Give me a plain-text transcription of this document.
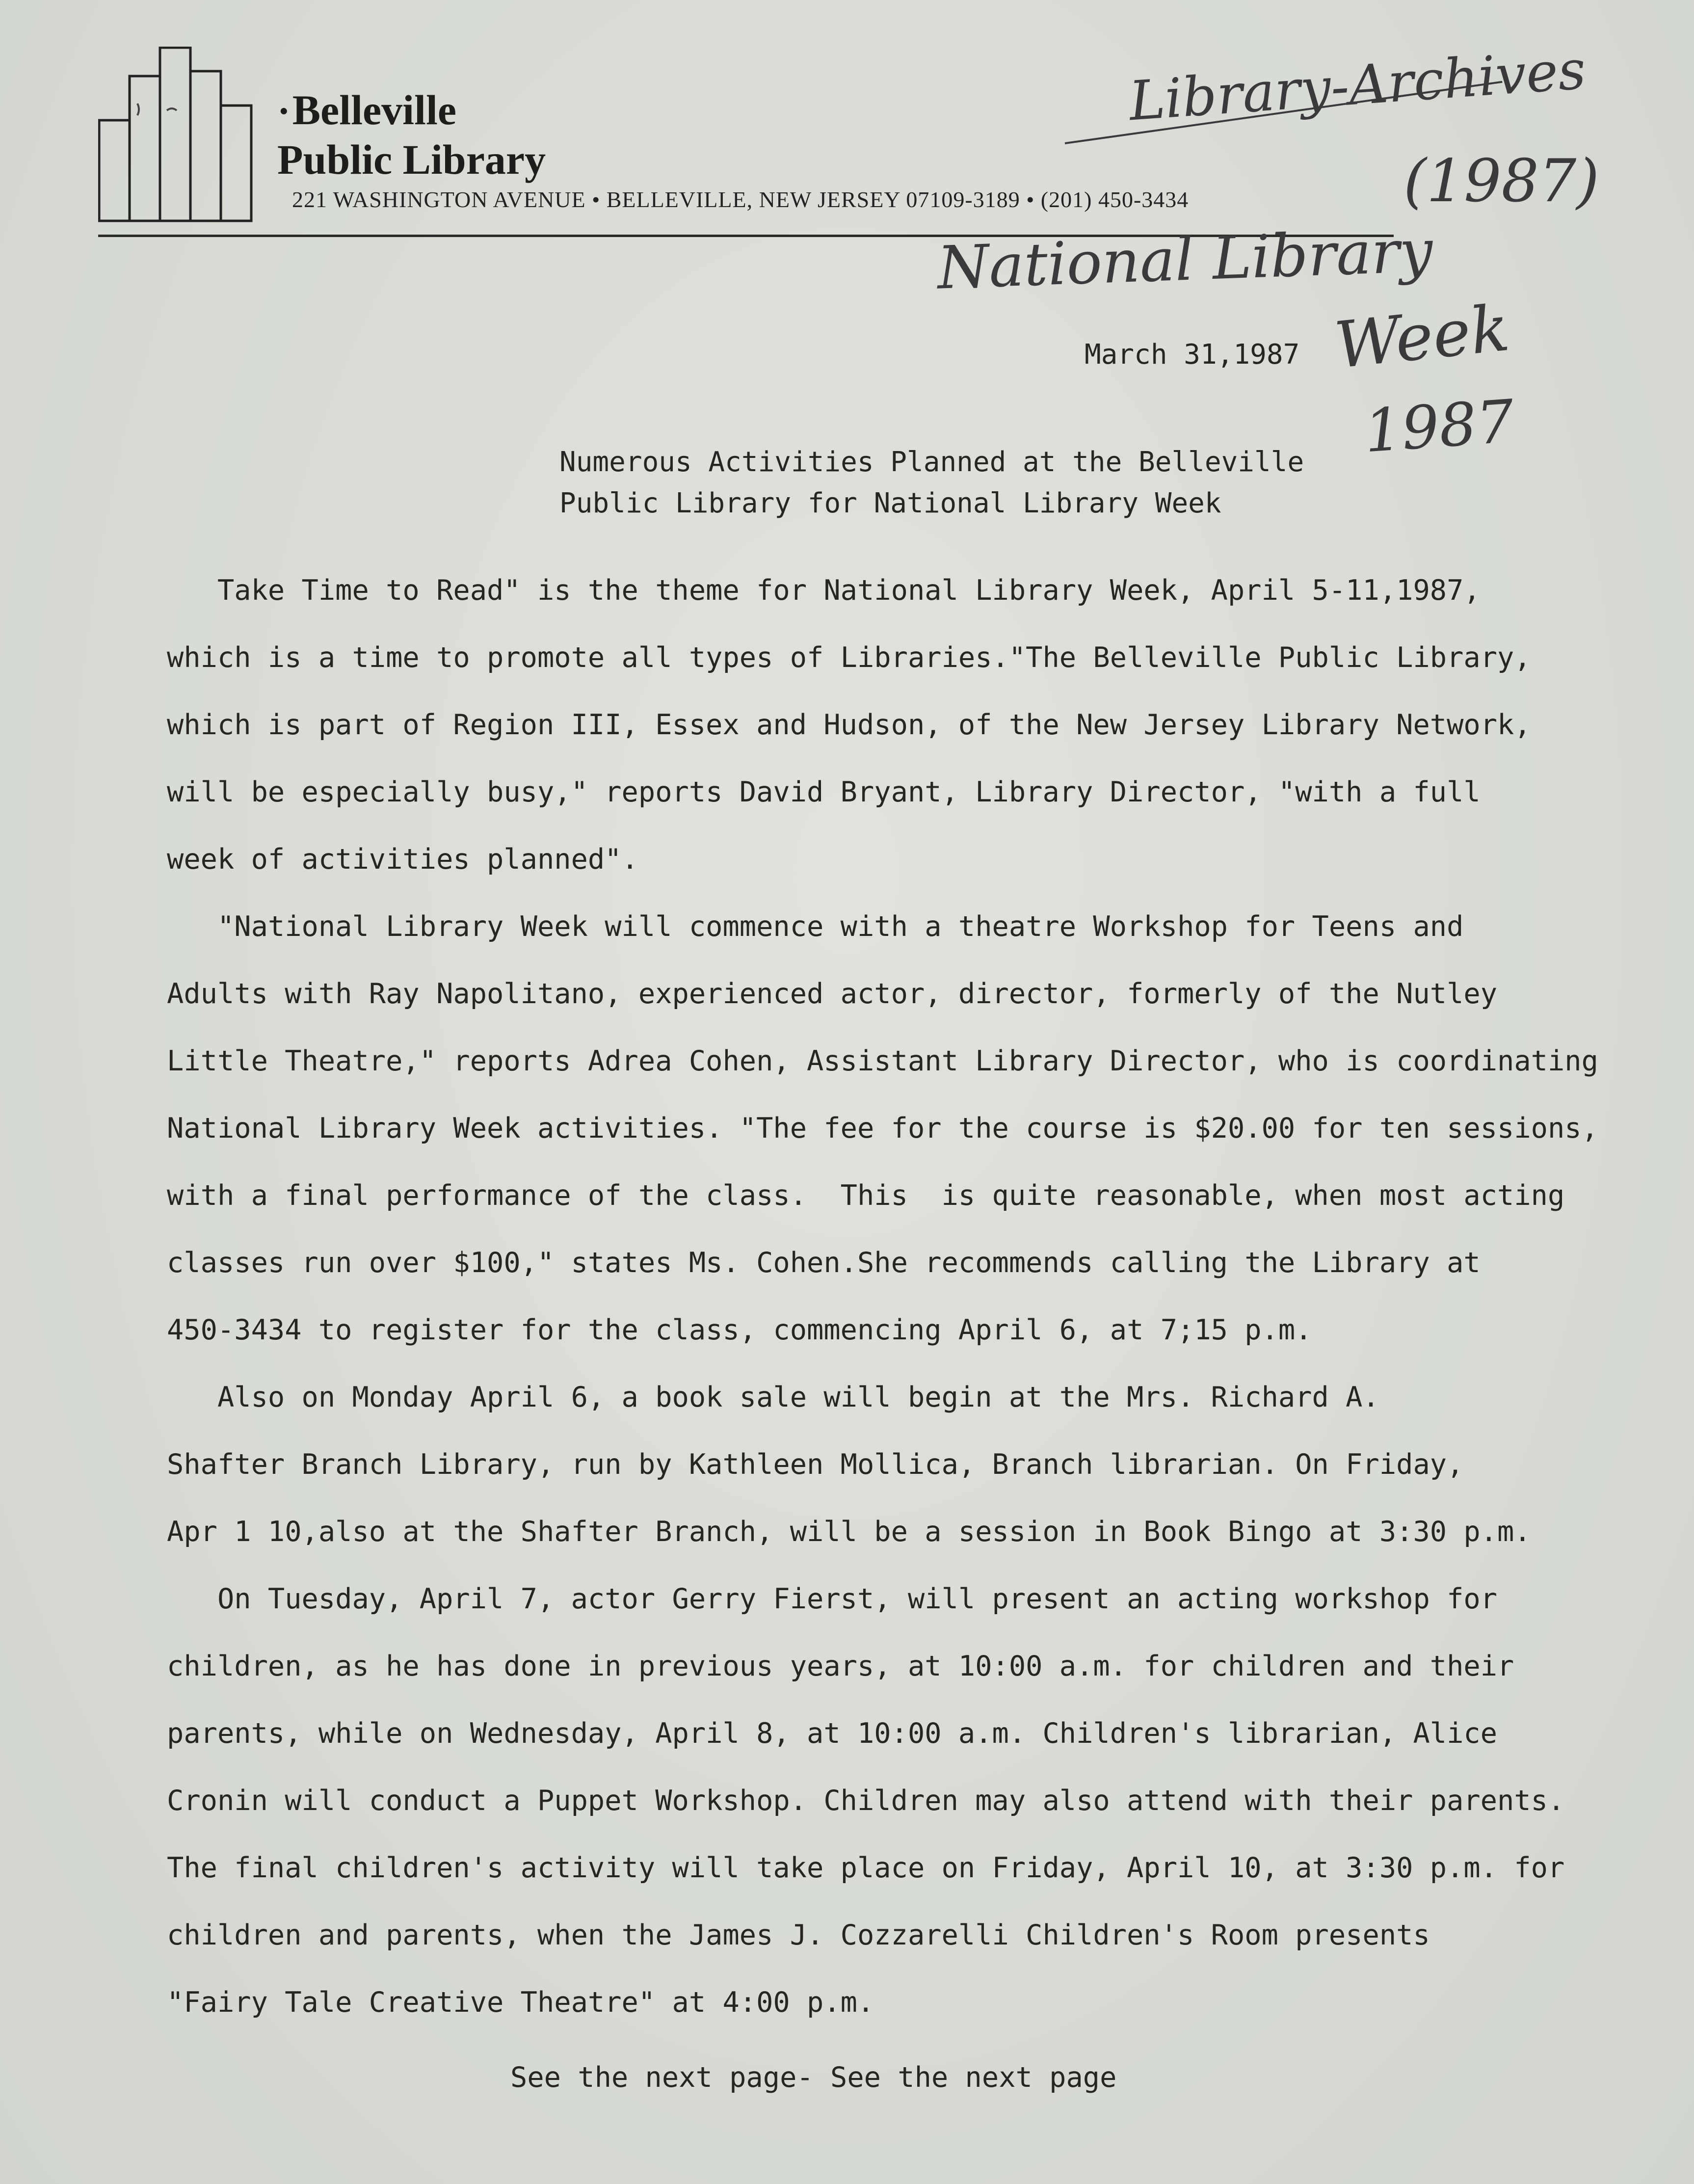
·Belleville
Public Library
221 WASHINGTON AVENUE • BELLEVILLE, NEW JERSEY 07109-3189 • (201) 450-3434
Library-Archives
(1987)
National Library
Week
1987
March 31,1987
Numerous Activities Planned at the Belleville
Public Library for National Library Week
Take Time to Read" is the theme for National Library Week, April 5-11,1987,
which is a time to promote all types of Libraries."The Belleville Public Library,
which is part of Region III, Essex and Hudson, of the New Jersey Library Network,
will be especially busy," reports David Bryant, Library Director, "with a full
week of activities planned".
"National Library Week will commence with a theatre Workshop for Teens and
Adults with Ray Napolitano, experienced actor, director, formerly of the Nutley
Little Theatre," reports Adrea Cohen, Assistant Library Director, who is coordinating
National Library Week activities. "The fee for the course is $20.00 for ten sessions,
with a final performance of the class.  This  is quite reasonable, when most acting
classes run over $100," states Ms. Cohen.She recommends calling the Library at
450-3434 to register for the class, commencing April 6, at 7;15 p.m.
Also on Monday April 6, a book sale will begin at the Mrs. Richard A.
Shafter Branch Library, run by Kathleen Mollica, Branch librarian. On Friday,
Apr 1 10,also at the Shafter Branch, will be a session in Book Bingo at 3:30 p.m.
On Tuesday, April 7, actor Gerry Fierst, will present an acting workshop for
children, as he has done in previous years, at 10:00 a.m. for children and their
parents, while on Wednesday, April 8, at 10:00 a.m. Children's librarian, Alice
Cronin will conduct a Puppet Workshop. Children may also attend with their parents.
The final children's activity will take place on Friday, April 10, at 3:30 p.m. for
children and parents, when the James J. Cozzarelli Children's Room presents
"Fairy Tale Creative Theatre" at 4:00 p.m.
See the next page- See the next page
